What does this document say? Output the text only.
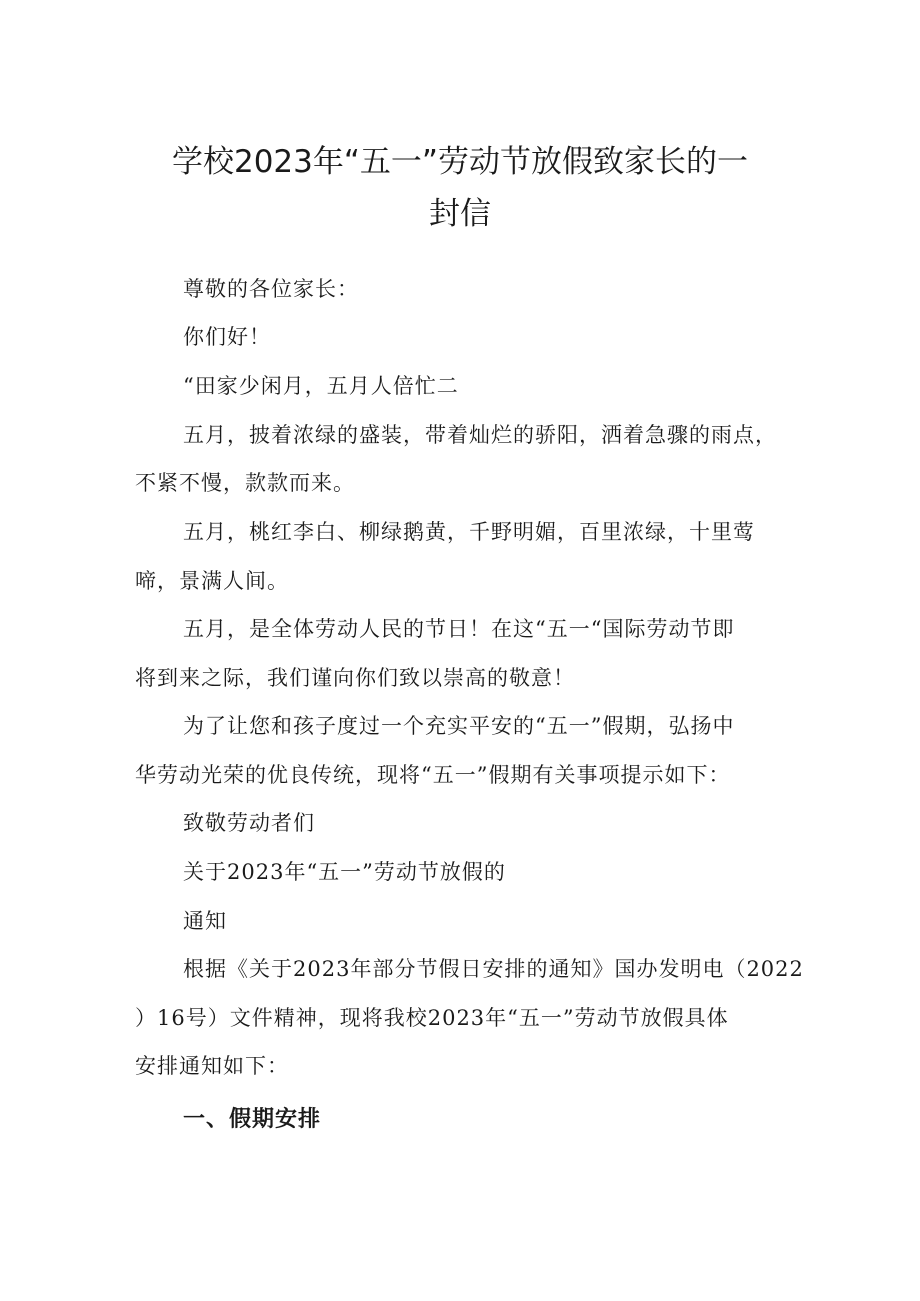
学校2023年“五一”劳动节放假致家长的一
封信
尊敬的各位家长：
你们好！
“田家少闲月，五月人倍忙二
五月，披着浓绿的盛装，带着灿烂的骄阳，洒着急骤的雨点，
不紧不慢，款款而来。
五月，桃红李白、柳绿鹅黄，千野明媚，百里浓绿，十里莺
啼，景满人间。
五月，是全体劳动人民的节日！在这“五一“国际劳动节即
将到来之际，我们谨向你们致以崇高的敬意！
为了让您和孩子度过一个充实平安的“五一”假期，弘扬中
华劳动光荣的优良传统，现将“五一”假期有关事项提示如下：
致敬劳动者们
关于2023年“五一”劳动节放假的
通知
根据《关于2023年部分节假日安排的通知》国办发明电（2022
）16号）文件精神，现将我校2023年“五一”劳动节放假具体
安排通知如下：
一、假期安排
